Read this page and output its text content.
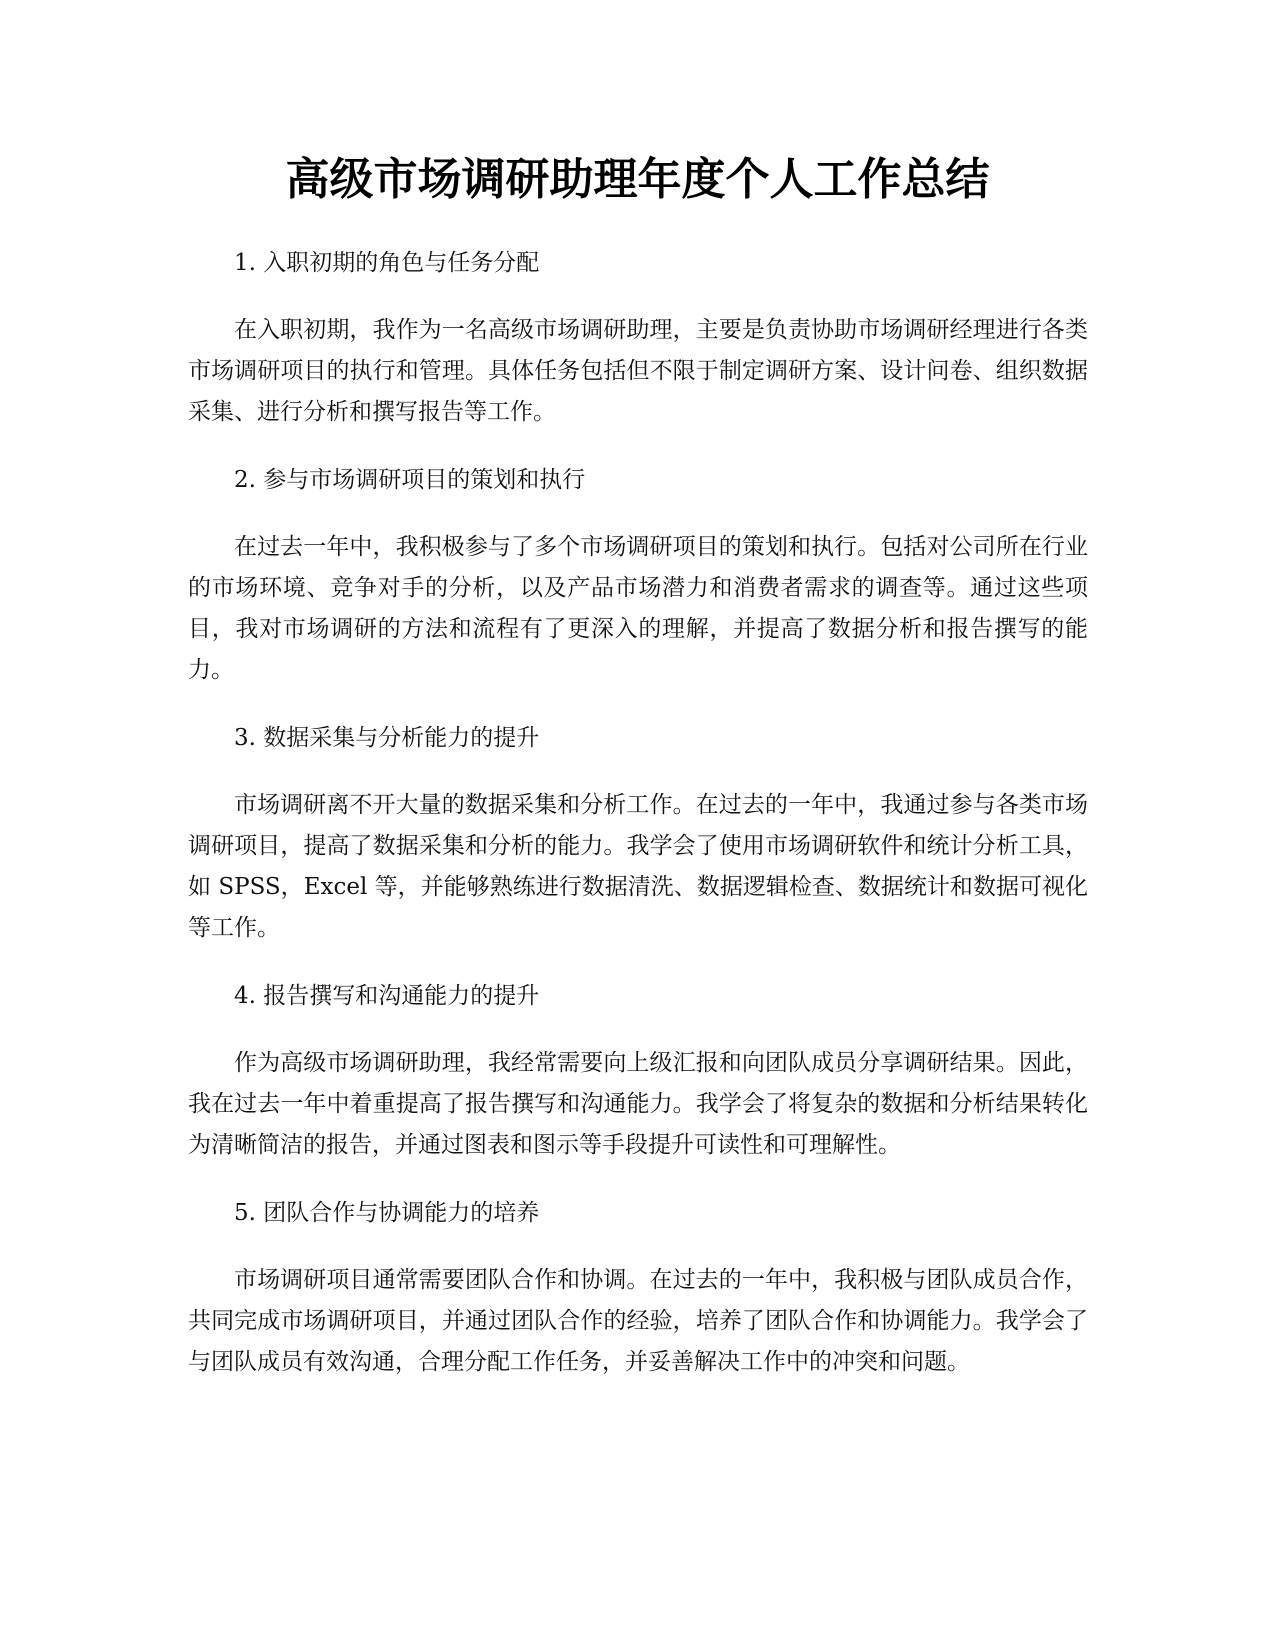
高级市场调研助理年度个人工作总结

1. 入职初期的角色与任务分配

在入职初期，我作为一名高级市场调研助理，主要是负责协助市场调研经理进行各类市场调研项目的执行和管理。具体任务包括但不限于制定调研方案、设计问卷、组织数据采集、进行分析和撰写报告等工作。

2. 参与市场调研项目的策划和执行

在过去一年中，我积极参与了多个市场调研项目的策划和执行。包括对公司所在行业的市场环境、竞争对手的分析，以及产品市场潜力和消费者需求的调查等。通过这些项目，我对市场调研的方法和流程有了更深入的理解，并提高了数据分析和报告撰写的能力。

3. 数据采集与分析能力的提升

市场调研离不开大量的数据采集和分析工作。在过去的一年中，我通过参与各类市场调研项目，提高了数据采集和分析的能力。我学会了使用市场调研软件和统计分析工具，如 SPSS，Excel 等，并能够熟练进行数据清洗、数据逻辑检查、数据统计和数据可视化等工作。

4. 报告撰写和沟通能力的提升

作为高级市场调研助理，我经常需要向上级汇报和向团队成员分享调研结果。因此，我在过去一年中着重提高了报告撰写和沟通能力。我学会了将复杂的数据和分析结果转化为清晰简洁的报告，并通过图表和图示等手段提升可读性和可理解性。

5. 团队合作与协调能力的培养

市场调研项目通常需要团队合作和协调。在过去的一年中，我积极与团队成员合作，共同完成市场调研项目，并通过团队合作的经验，培养了团队合作和协调能力。我学会了与团队成员有效沟通，合理分配工作任务，并妥善解决工作中的冲突和问题。
